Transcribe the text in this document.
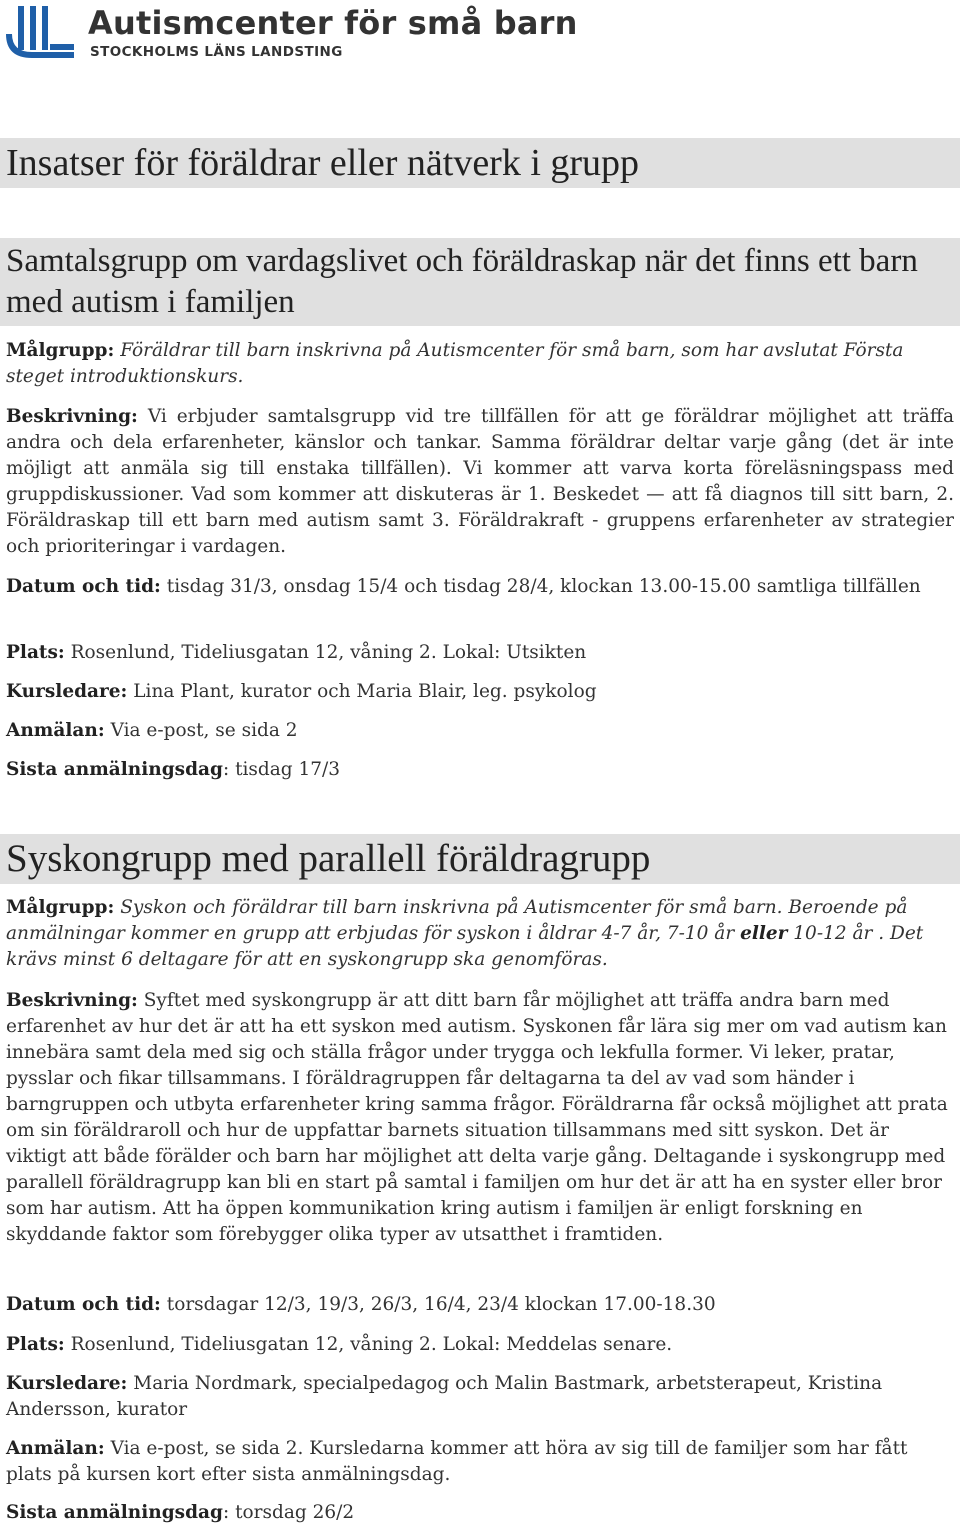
Autismcenter för små barn
STOCKHOLMS LÄNS LANDSTING
Insatser för föräldrar eller nätverk i grupp
Samtalsgrupp om vardagslivet och föräldraskap när det finns ett barn med autism i familjen

Målgrupp: Föräldrar till barn inskrivna på Autismcenter för små barn, som har avslutat Första steget introduktionskurs.

Beskrivning: Vi erbjuder samtalsgrupp vid tre tillfällen för att ge föräldrar möjlighet att träffa andra och dela erfarenheter, känslor och tankar. Samma föräldrar deltar varje gång (det är inte möjligt att anmäla sig till enstaka tillfällen). Vi kommer att varva korta föreläsningspass med gruppdiskussioner. Vad som kommer att diskuteras är 1. Beskedet — att få diagnos till sitt barn, 2. Föräldraskap till ett barn med autism samt 3. Föräldrakraft - gruppens erfarenheter av strategier och prioriteringar i vardagen.

Datum och tid: tisdag 31/3, onsdag 15/4 och tisdag 28/4, klockan 13.00-15.00 samtliga tillfällen

Plats: Rosenlund, Tideliusgatan 12, våning 2. Lokal: Utsikten

Kursledare: Lina Plant, kurator och Maria Blair, leg. psykolog

Anmälan: Via e-post, se sida 2

Sista anmälningsdag: tisdag 17/3

Syskongrupp med parallell föräldragrupp

Målgrupp: Syskon och föräldrar till barn inskrivna på Autismcenter för små barn. Beroende på anmälningar kommer en grupp att erbjudas för syskon i åldrar 4-7 år, 7-10 år eller 10-12 år . Det krävs minst 6 deltagare för att en syskongrupp ska genomföras.

Beskrivning: Syftet med syskongrupp är att ditt barn får möjlighet att träffa andra barn med erfarenhet av hur det är att ha ett syskon med autism. Syskonen får lära sig mer om vad autism kan innebära samt dela med sig och ställa frågor under trygga och lekfulla former. Vi leker, pratar, pysslar och fikar tillsammans. I föräldragruppen får deltagarna ta del av vad som händer i barngruppen och utbyta erfarenheter kring samma frågor. Föräldrarna får också möjlighet att prata om sin föräldraroll och hur de uppfattar barnets situation tillsammans med sitt syskon. Det är viktigt att både förälder och barn har möjlighet att delta varje gång. Deltagande i syskongrupp med parallell föräldragrupp kan bli en start på samtal i familjen om hur det är att ha en syster eller bror som har autism. Att ha öppen kommunikation kring autism i familjen är enligt forskning en skyddande faktor som förebygger olika typer av utsatthet i framtiden.

Datum och tid: torsdagar 12/3, 19/3, 26/3, 16/4, 23/4 klockan 17.00-18.30

Plats: Rosenlund, Tideliusgatan 12, våning 2. Lokal: Meddelas senare.

Kursledare: Maria Nordmark, specialpedagog och Malin Bastmark, arbetsterapeut, Kristina Andersson, kurator

Anmälan: Via e-post, se sida 2. Kursledarna kommer att höra av sig till de familjer som har fått plats på kursen kort efter sista anmälningsdag.

Sista anmälningsdag: torsdag 26/2
